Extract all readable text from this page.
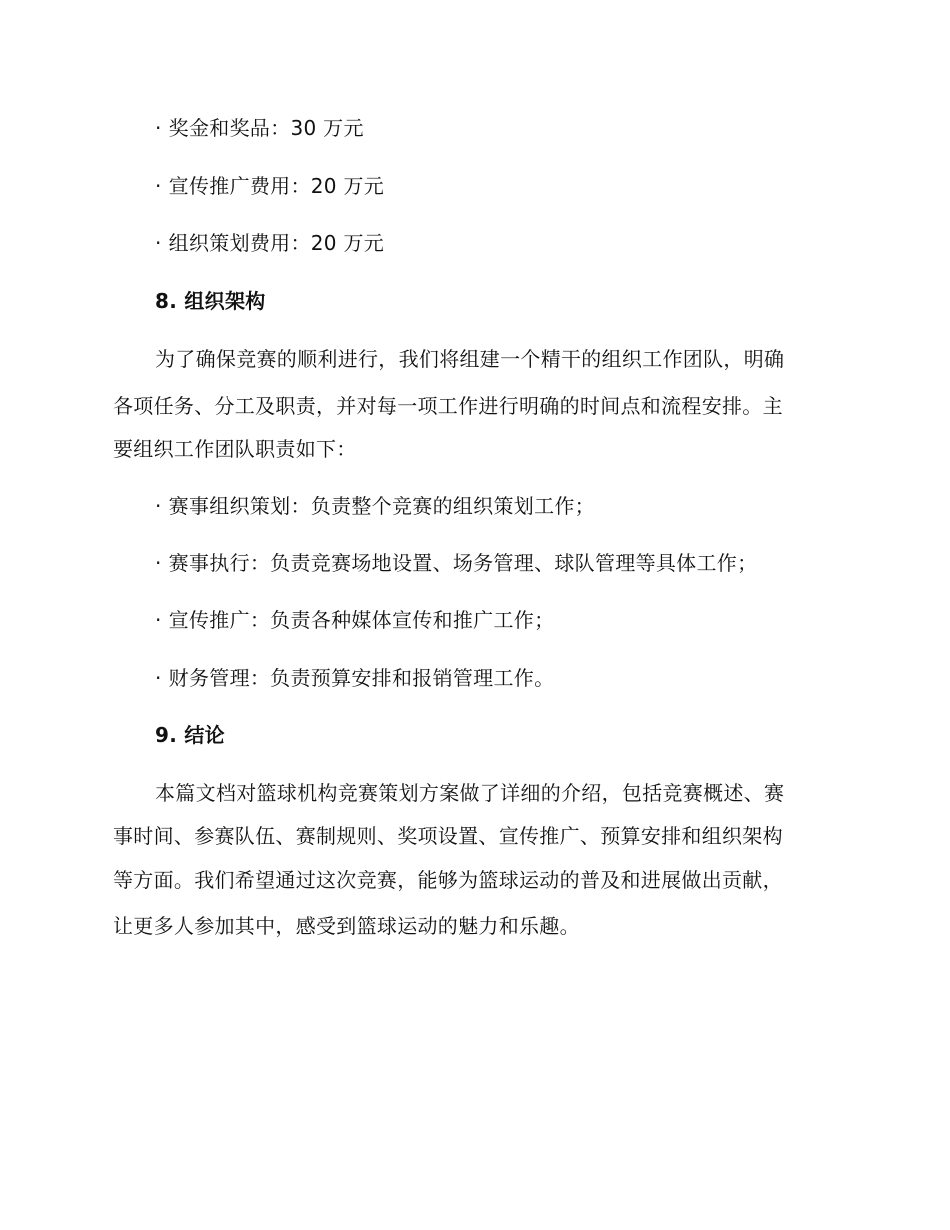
· 奖金和奖品：30 万元
· 宣传推广费用：20 万元
· 组织策划费用：20 万元
8. 组织架构
为了确保竞赛的顺利进行，我们将组建一个精干的组织工作团队，明确
各项任务、分工及职责，并对每一项工作进行明确的时间点和流程安排。主
要组织工作团队职责如下：
· 赛事组织策划：负责整个竞赛的组织策划工作；
· 赛事执行：负责竞赛场地设置、场务管理、球队管理等具体工作；
· 宣传推广：负责各种媒体宣传和推广工作；
· 财务管理：负责预算安排和报销管理工作。
9. 结论
本篇文档对篮球机构竞赛策划方案做了详细的介绍，包括竞赛概述、赛
事时间、参赛队伍、赛制规则、奖项设置、宣传推广、预算安排和组织架构
等方面。我们希望通过这次竞赛，能够为篮球运动的普及和进展做出贡献，
让更多人参加其中，感受到篮球运动的魅力和乐趣。
